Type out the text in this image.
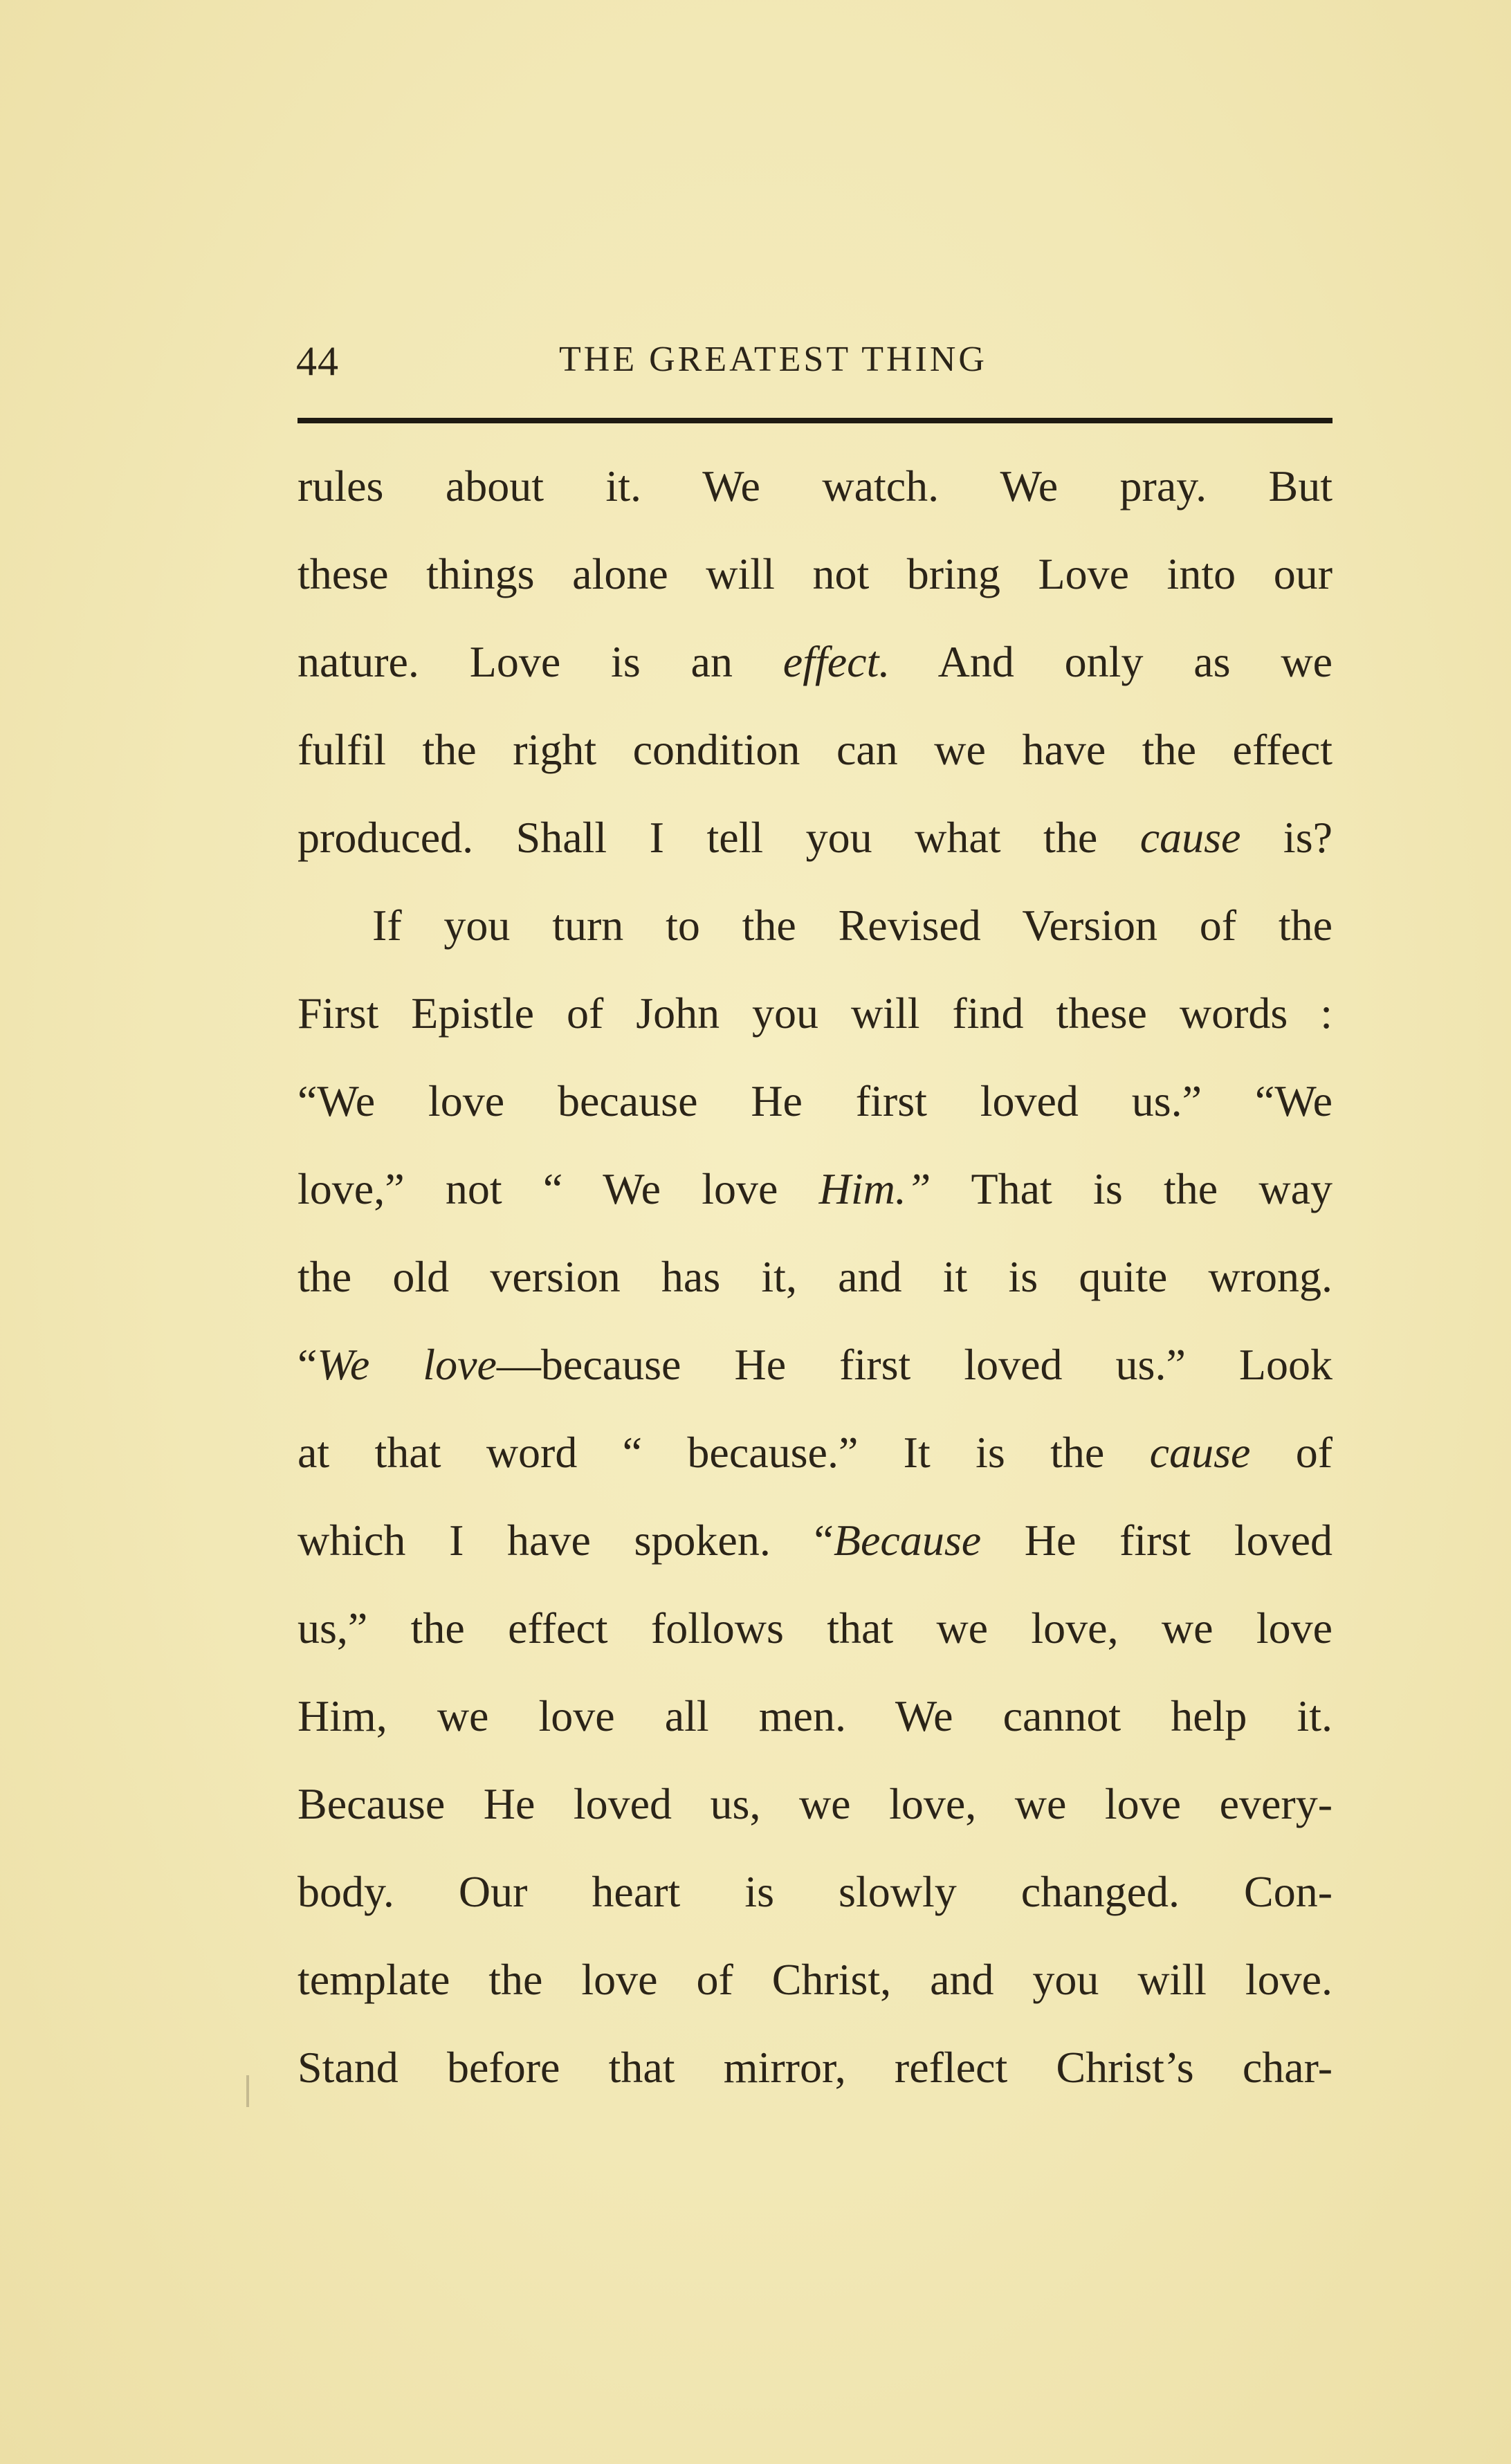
44	THE GREATEST THING
rules about it. We watch. We pray. But
these things alone will not bring Love into our
nature. Love is an effect. And only as we
fulfil the right condition can we have the effect
produced. Shall I tell you what the cause is?
If you turn to the Revised Version of the
First Epistle of John you will find these words :
“We love because He first loved us.” “We
love,” not “ We love Him.” That is the way
the old version has it, and it is quite wrong.
“We love—because He first loved us.” Look
at that word “ because.” It is the cause of
which I have spoken. “Because He first loved
us,” the effect follows that we love, we love
Him, we love all men. We cannot help it.
Because He loved us, we love, we love every-
body. Our heart is slowly changed. Con-
template the love of Christ, and you will love.
Stand before that mirror, reflect Christ’s char-
